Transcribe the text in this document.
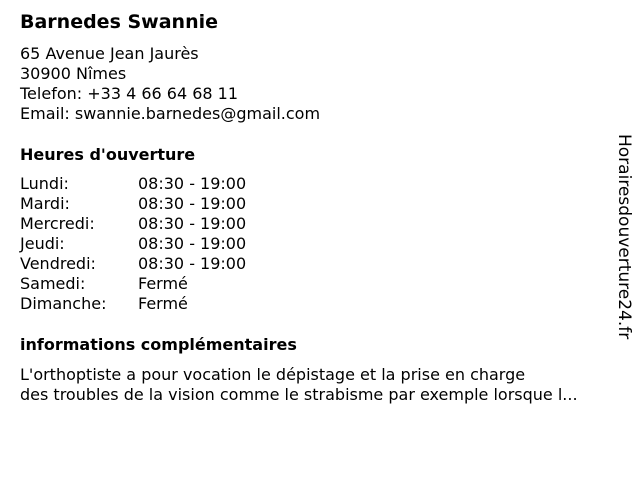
Barnedes Swannie
65 Avenue Jean Jaurès
30900 Nîmes
Telefon: +33 4 66 64 68 11
Email: swannie.barnedes@gmail.com
Heures d'ouverture
Lundi:	08:30 - 19:00
Mardi:	08:30 - 19:00
Mercredi:	08:30 - 19:00
Jeudi:	08:30 - 19:00
Vendredi:	08:30 - 19:00
Samedi:	Fermé
Dimanche: Fermé
informations complémentaires
L'orthoptiste a pour vocation le dépistage et la prise en charge
des troubles de la vision comme le strabisme par exemple lorsque l...
Horairesdouverture24.fr
